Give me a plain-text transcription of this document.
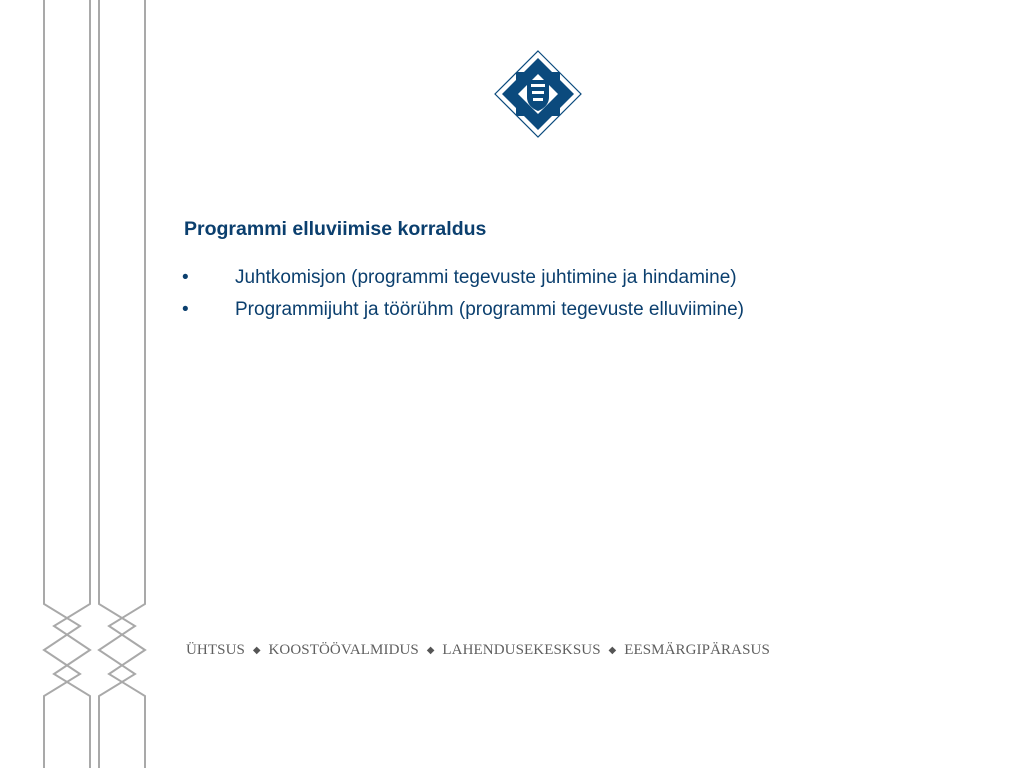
Programmi elluviimise korraldus
• Juhtkomisjon (programmi tegevuste juhtimine ja hindamine)
• Programmijuht ja töörühm (programmi tegevuste elluviimine)

ÜHTSUS ◆ KOOSTÖÖVALMIDUS ◆ LAHENDUSEKESKSUS ◆ EESMÄRGIPÄRASUS
